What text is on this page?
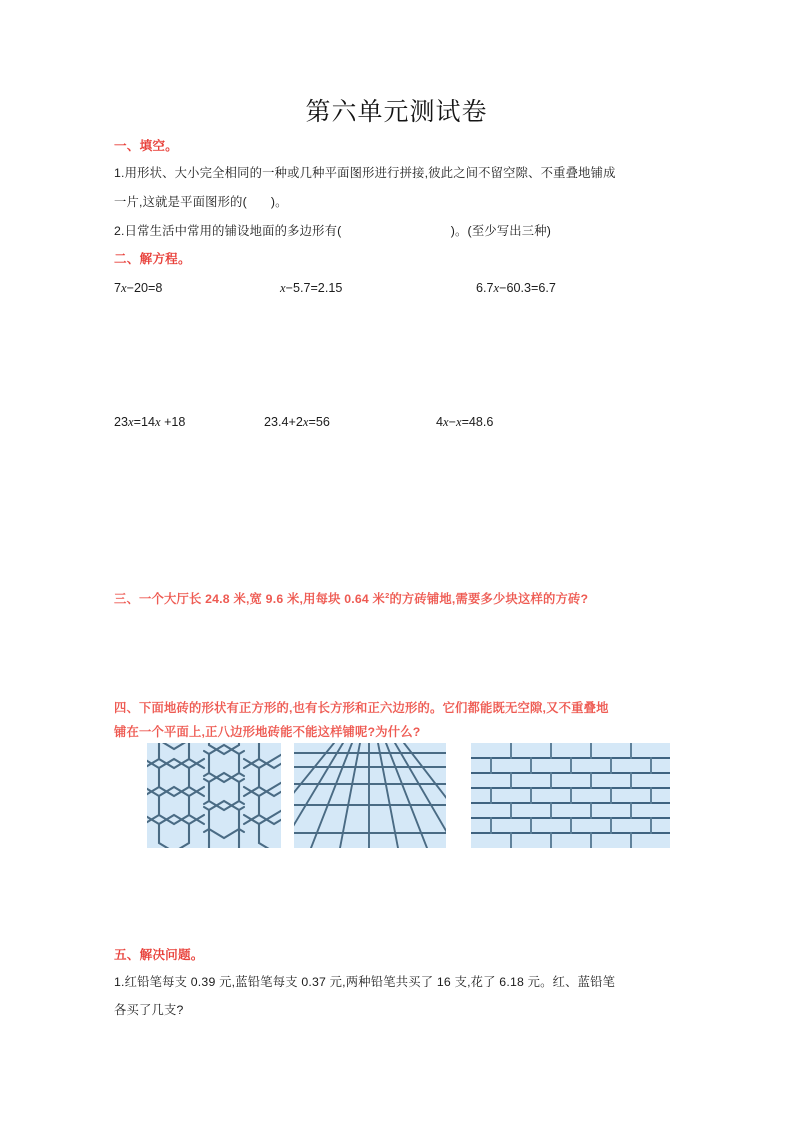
第六单元测试卷
一、填空。
1.用形状、大小完全相同的一种或几种平面图形进行拼接,彼此之间不留空隙、不重叠地铺成
一片,这就是平面图形的( )。
2.日常生活中常用的铺设地面的多边形有(	)。(至少写出三种)
二、解方程。
7x−20=8	x−5.7=2.15	6.7x−60.3=6.7
23x=14x +18	23.4+2x=56	4x−x=48.6
三、一个大厅长 24.8 米,宽 9.6 米,用每块 0.64 米$^2$的方砖铺地,需要多少块这样的方砖?
四、下面地砖的形状有正方形的,也有长方形和正六边形的。它们都能既无空隙,又不重叠地
铺在一个平面上,正八边形地砖能不能这样铺呢?为什么?
五、解决问题。
1.红铅笔每支 0.39 元,蓝铅笔每支 0.37 元,两种铅笔共买了 16 支,花了 6.18 元。红、蓝铅笔
各买了几支?
